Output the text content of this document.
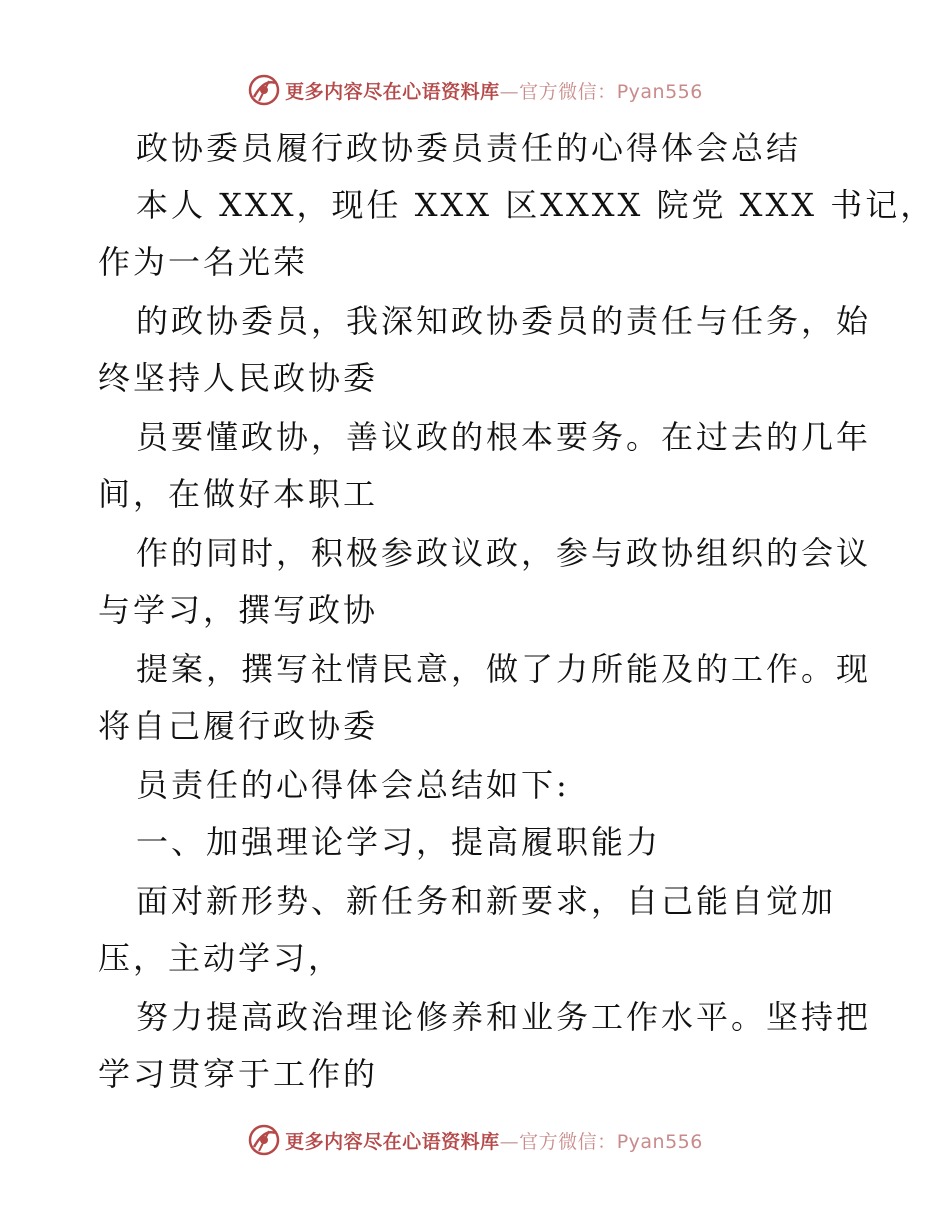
更多内容尽在心语资料库—官方微信：Pyan556
政协委员履行政协委员责任的心得体会总结
本人 XXX，现任 XXX 区XXXX 院党 XXX 书记，
作为一名光荣
的政协委员，我深知政协委员的责任与任务，始
终坚持人民政协委
员要懂政协，善议政的根本要务。在过去的几年
间，在做好本职工
作的同时，积极参政议政，参与政协组织的会议
与学习，撰写政协
提案，撰写社情民意，做了力所能及的工作。现
将自己履行政协委
员责任的心得体会总结如下:
一、加强理论学习，提高履职能力
面对新形势、新任务和新要求，自己能自觉加
压，主动学习，
努力提高政治理论修养和业务工作水平。坚持把
学习贯穿于工作的
更多内容尽在心语资料库—官方微信：Pyan556
